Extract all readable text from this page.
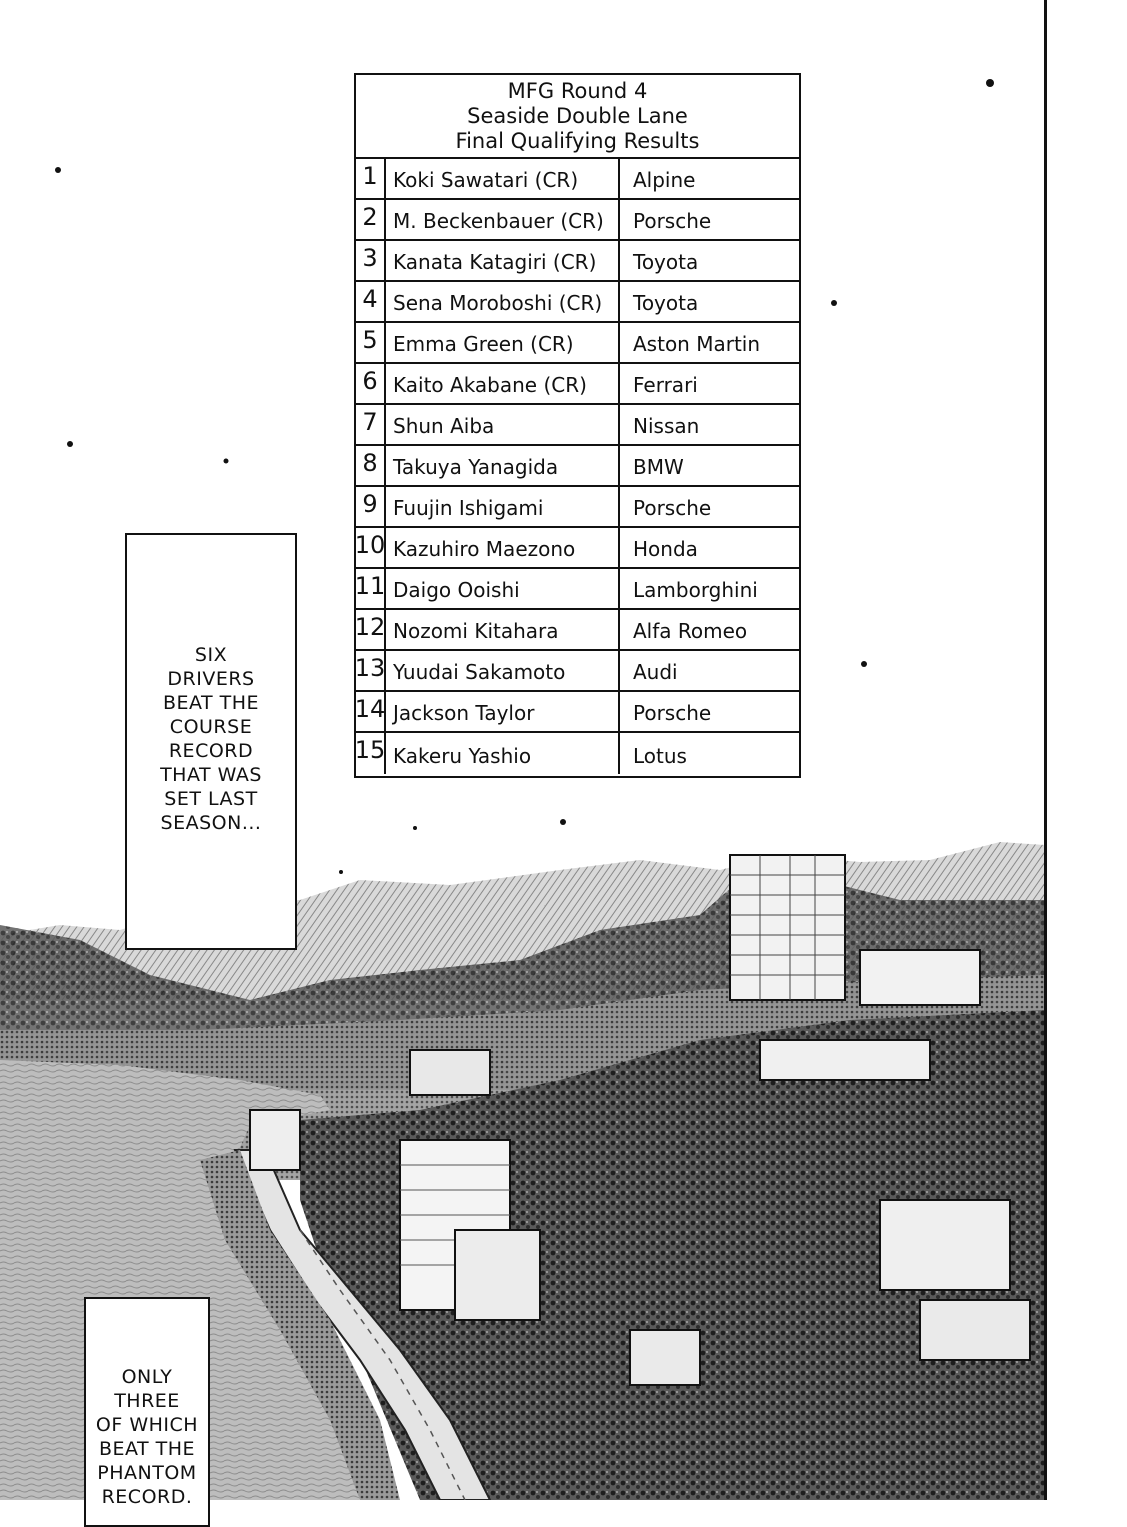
MFG Round 4
Seaside Double Lane
Final Qualifying Results
1 Koki Sawatari (CR)	Alpine
2 M. Beckenbauer (CR)	Porsche
3 Kanata Katagiri (CR)	Toyota
4 Sena Moroboshi (CR)	Toyota
5 Emma Green (CR)	Aston Martin
6 Kaito Akabane (CR)	Ferrari
7 Shun Aiba	Nissan
8 Takuya Yanagida	BMW
9 Fuujin Ishigami	Porsche
10 Kazuhiro Maezono	Honda
11 Daigo Ooishi	Lamborghini
12 Nozomi Kitahara	Alfa Romeo
13 Yuudai Sakamoto	Audi
14 Jackson Taylor	Porsche
15 Kakeru Yashio	Lotus
SIX
DRIVERS
BEAT THE
COURSE
RECORD
THAT WAS
SET LAST
SEASON...
ONLY
THREE
OF WHICH
BEAT THE
PHANTOM
RECORD.
